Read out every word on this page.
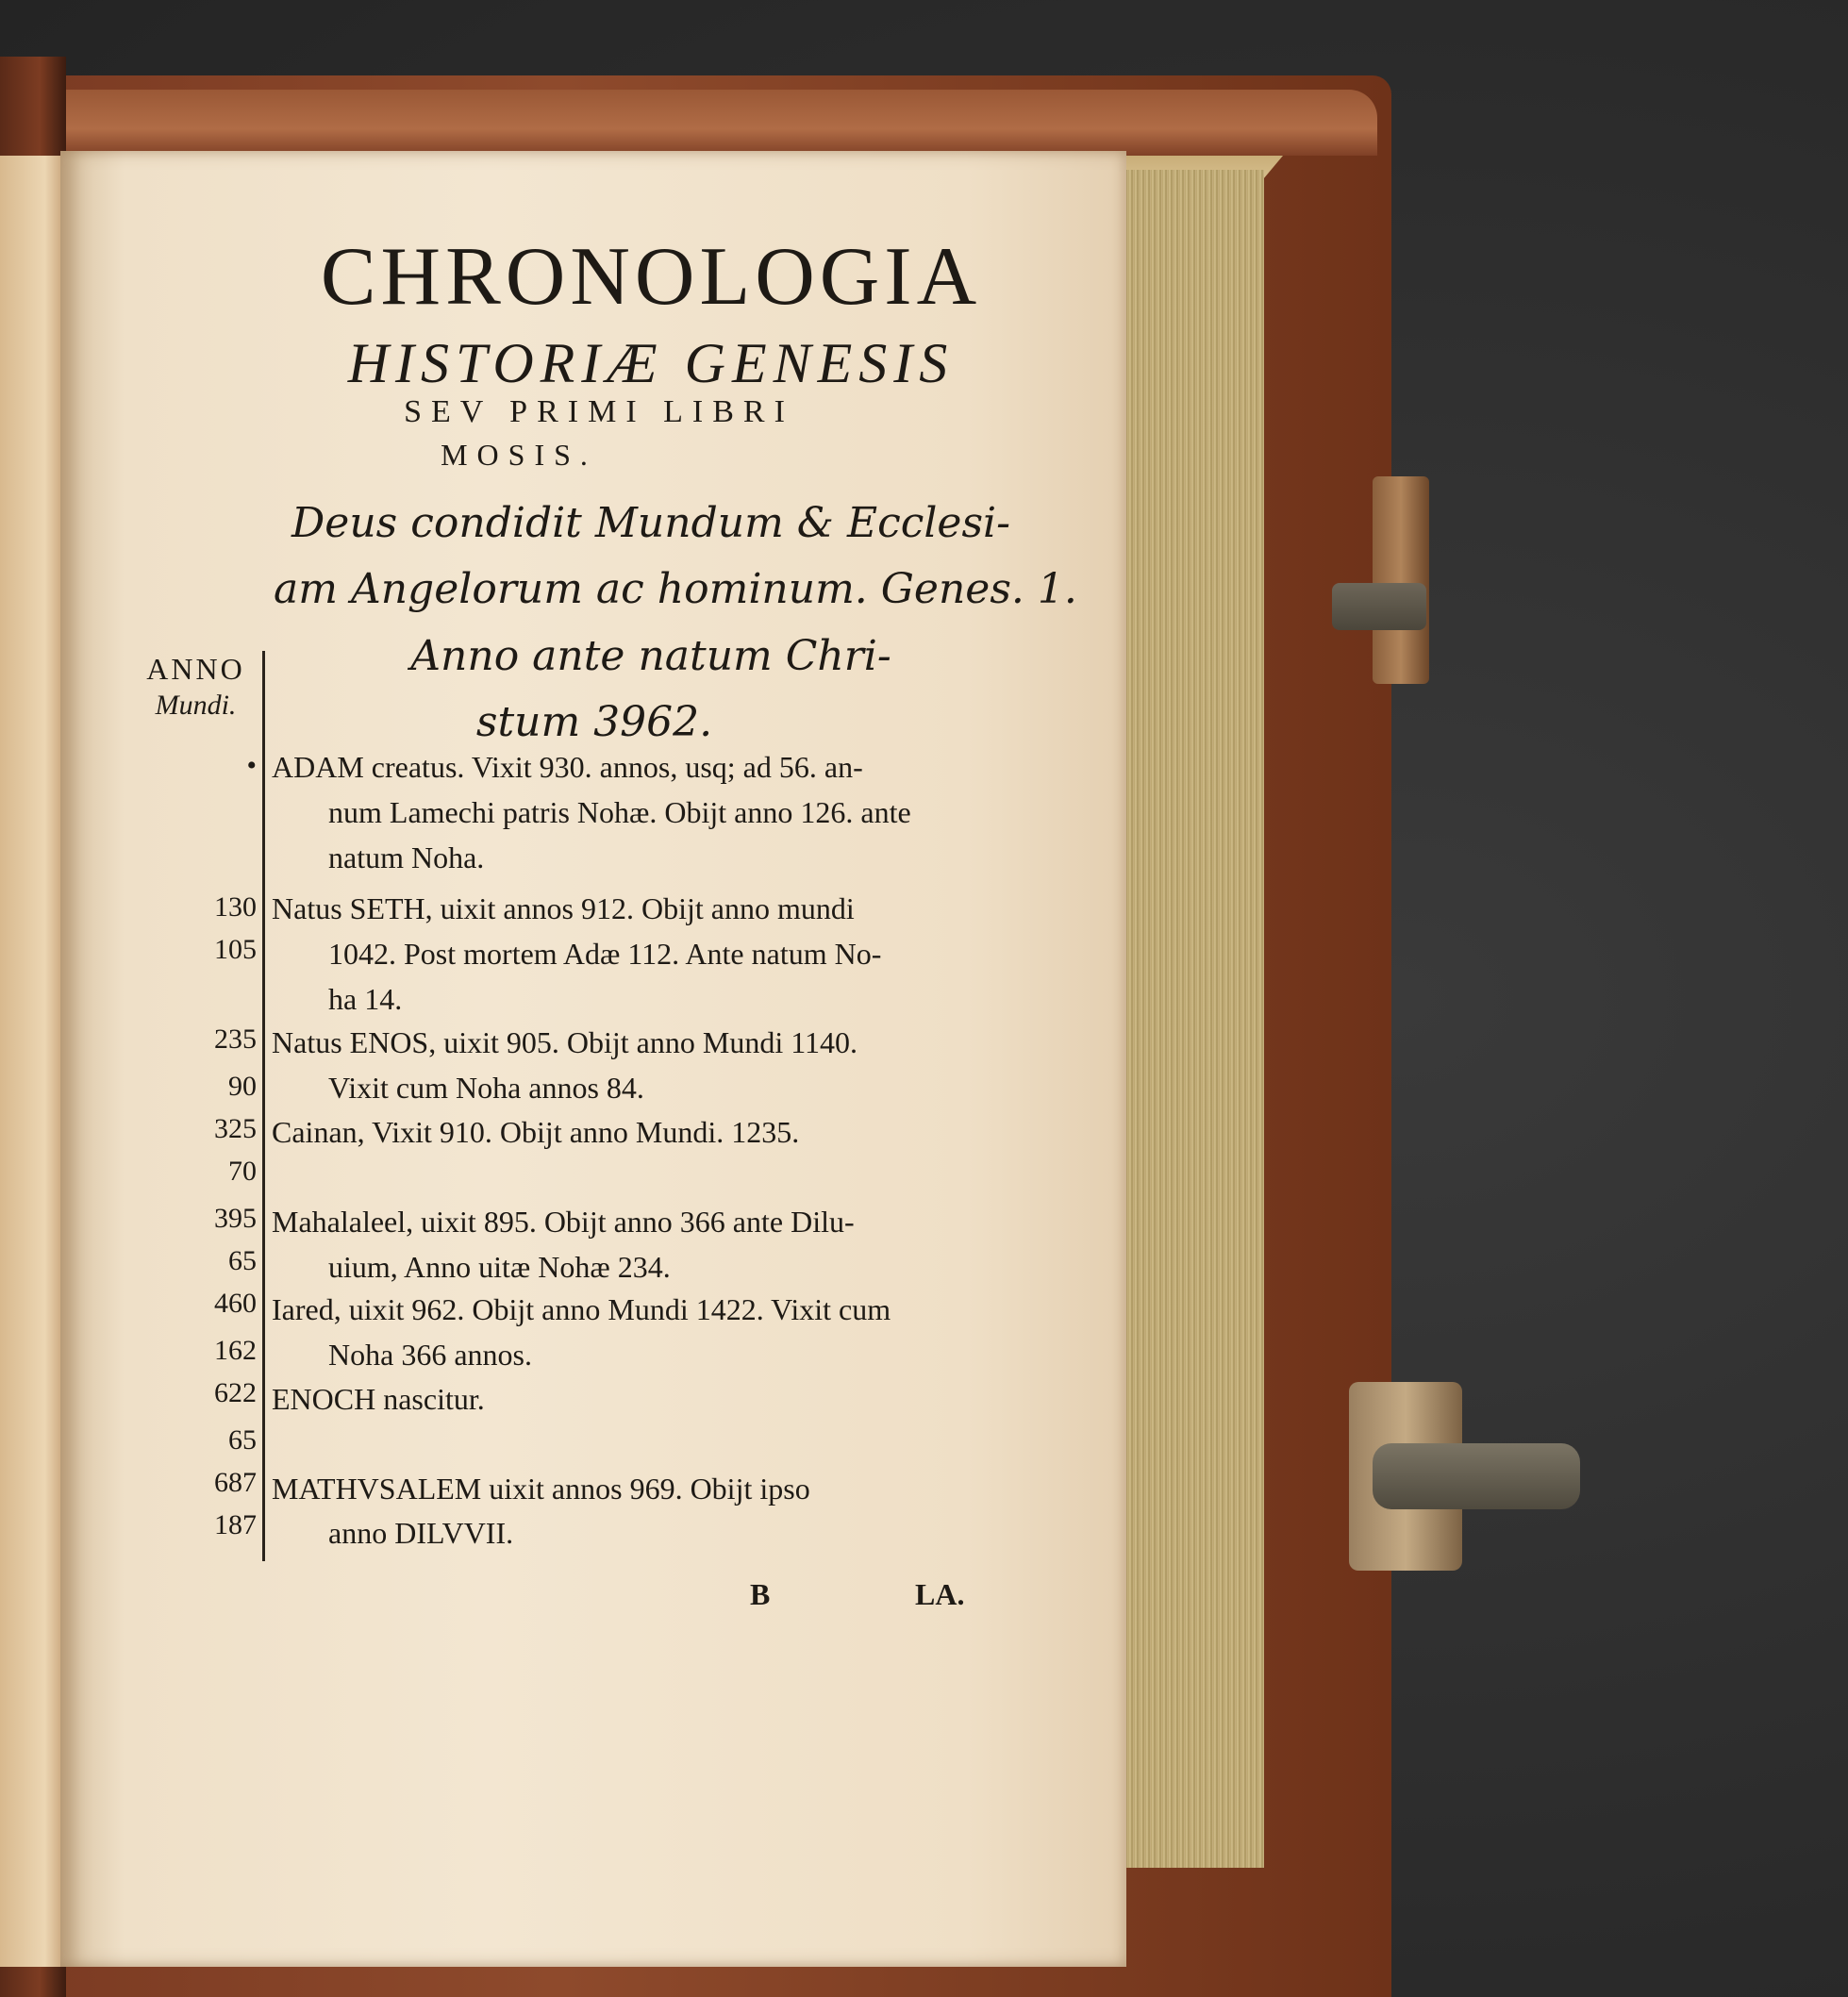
CHRONOLOGIA
HISTORIÆ GENESIS
SEV PRIMI LIBRI
MOSIS.
Deus condidit Mundum & Ecclesi-
am Angelorum ac hominum. Genes. 1.
Anno ante natum Chri-
stum 3962.
ANNO
Mundi.
•
130
105
235
90
325
70
395
65
460
162
622
65
687
187
ADAM creatus. Vixit 930. annos, usq; ad 56. an-
num Lamechi patris Nohæ. Obijt anno 126. ante
natum Noha.
Natus SETH, uixit annos 912. Obijt anno mundi
1042. Post mortem Adæ 112. Ante natum No-
ha 14.
Natus ENOS, uixit 905. Obijt anno Mundi 1140.
Vixit cum Noha annos 84.
Cainan, Vixit 910. Obijt anno Mundi. 1235.
Mahalaleel, uixit 895. Obijt anno 366 ante Dilu-
uium, Anno uitæ Nohæ 234.
Iared, uixit 962. Obijt anno Mundi 1422. Vixit cum
Noha 366 annos.
ENOCH nascitur.
MATHVSALEM uixit annos 969. Obijt ipso
anno DILVVII.
B	LA.
